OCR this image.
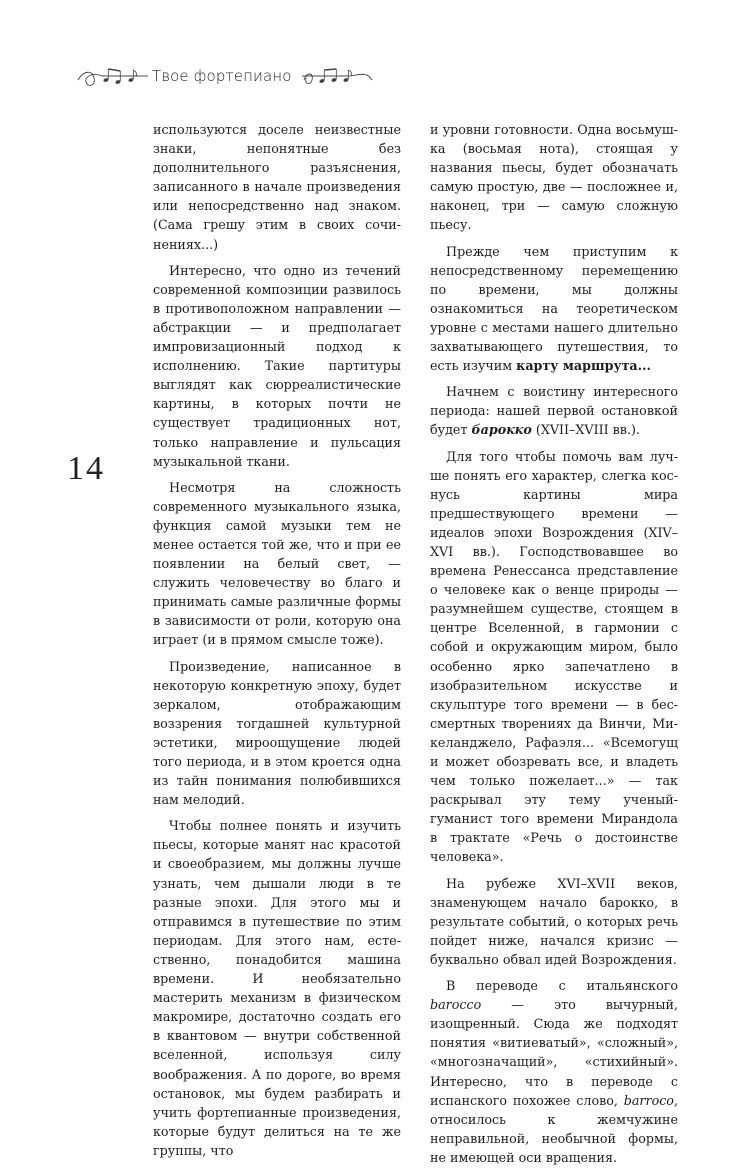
Твое фортепиано
14

используются доселе неизвестные знаки, непонятные без дополнительного разъяснения, записанного в начале произведения или непосредственно над знаком. (Сама грешу этим в своих сочинениях...)

Интересно, что одно из течений современной композиции развилось в противоположном направлении — абстракции — и предполагает импровизационный подход к исполнению. Такие партитуры выглядят как сюрреалистические картины, в которых почти не существует традиционных нот, только направление и пульсация музыкальной ткани.

Несмотря на сложность современного музыкального языка, функция самой музыки тем не менее остается той же, что и при ее появлении на белый свет, — служить человечеству во благо и принимать самые различные формы в зависимости от роли, которую она играет (и в прямом смысле тоже).

Произведение, написанное в некоторую конкретную эпоху, будет зеркалом, отображающим воззрения тогдашней культурной эстетики, мироощущение людей того периода, и в этом кроется одна из тайн понимания полюбившихся нам мелодий.

Чтобы полнее понять и изучить пьесы, которые манят нас красотой и своеобразием, мы должны лучше узнать, чем дышали люди в те разные эпохи. Для этого мы и отправимся в путешествие по этим периодам. Для этого нам, естественно, понадобится машина времени. И необязательно мастерить механизм в физическом макромире, достаточно создать его в квантовом — внутри собственной вселенной, используя силу воображения. А по дороге, во время остановок, мы будем разбирать и учить фортепианные произведения, которые будут делиться на те же группы, что

и уровни готовности. Одна восьмушка (восьмая нота), стоящая у названия пьесы, будет обозначать самую простую, две — посложнее и, наконец, три — самую сложную пьесу.

Прежде чем приступим к непосредственному перемещению по времени, мы должны ознакомиться на теоретическом уровне с местами нашего длительно захватывающего путешествия, то есть изучим карту маршрута...

Начнем с воистину интересного периода: нашей первой остановкой будет барокко (XVII–XVIII вв.).

Для того чтобы помочь вам лучше понять его характер, слегка коснусь картины мира предшествующего времени — идеалов эпохи Возрождения (XIV–XVI вв.). Господствовавшее во времена Ренессанса представление о человеке как о венце природы — разумнейшем существе, стоящем в центре Вселенной, в гармонии с собой и окружающим миром, было особенно ярко запечатлено в изобразительном искусстве и скульптуре того времени — в бессмертных творениях да Винчи, Микеланджело, Рафаэля... «Всемогущ и может обозревать все, и владеть чем только пожелает...» — так раскрывал эту тему ученый-гуманист того времени Мирандола в трактате «Речь о достоинстве человека».

На рубеже XVI–XVII веков, знаменующем начало барокко, в результате событий, о которых речь пойдет ниже, начался кризис — буквально обвал идей Возрождения.

В переводе с итальянского barocco — это вычурный, изощренный. Сюда же подходят понятия «витиеватый», «сложный», «многозначащий», «стихийный». Интересно, что в переводе с испанского похожее слово, barroco, относилось к жемчужине неправильной, необычной формы, не имеющей оси вращения.
